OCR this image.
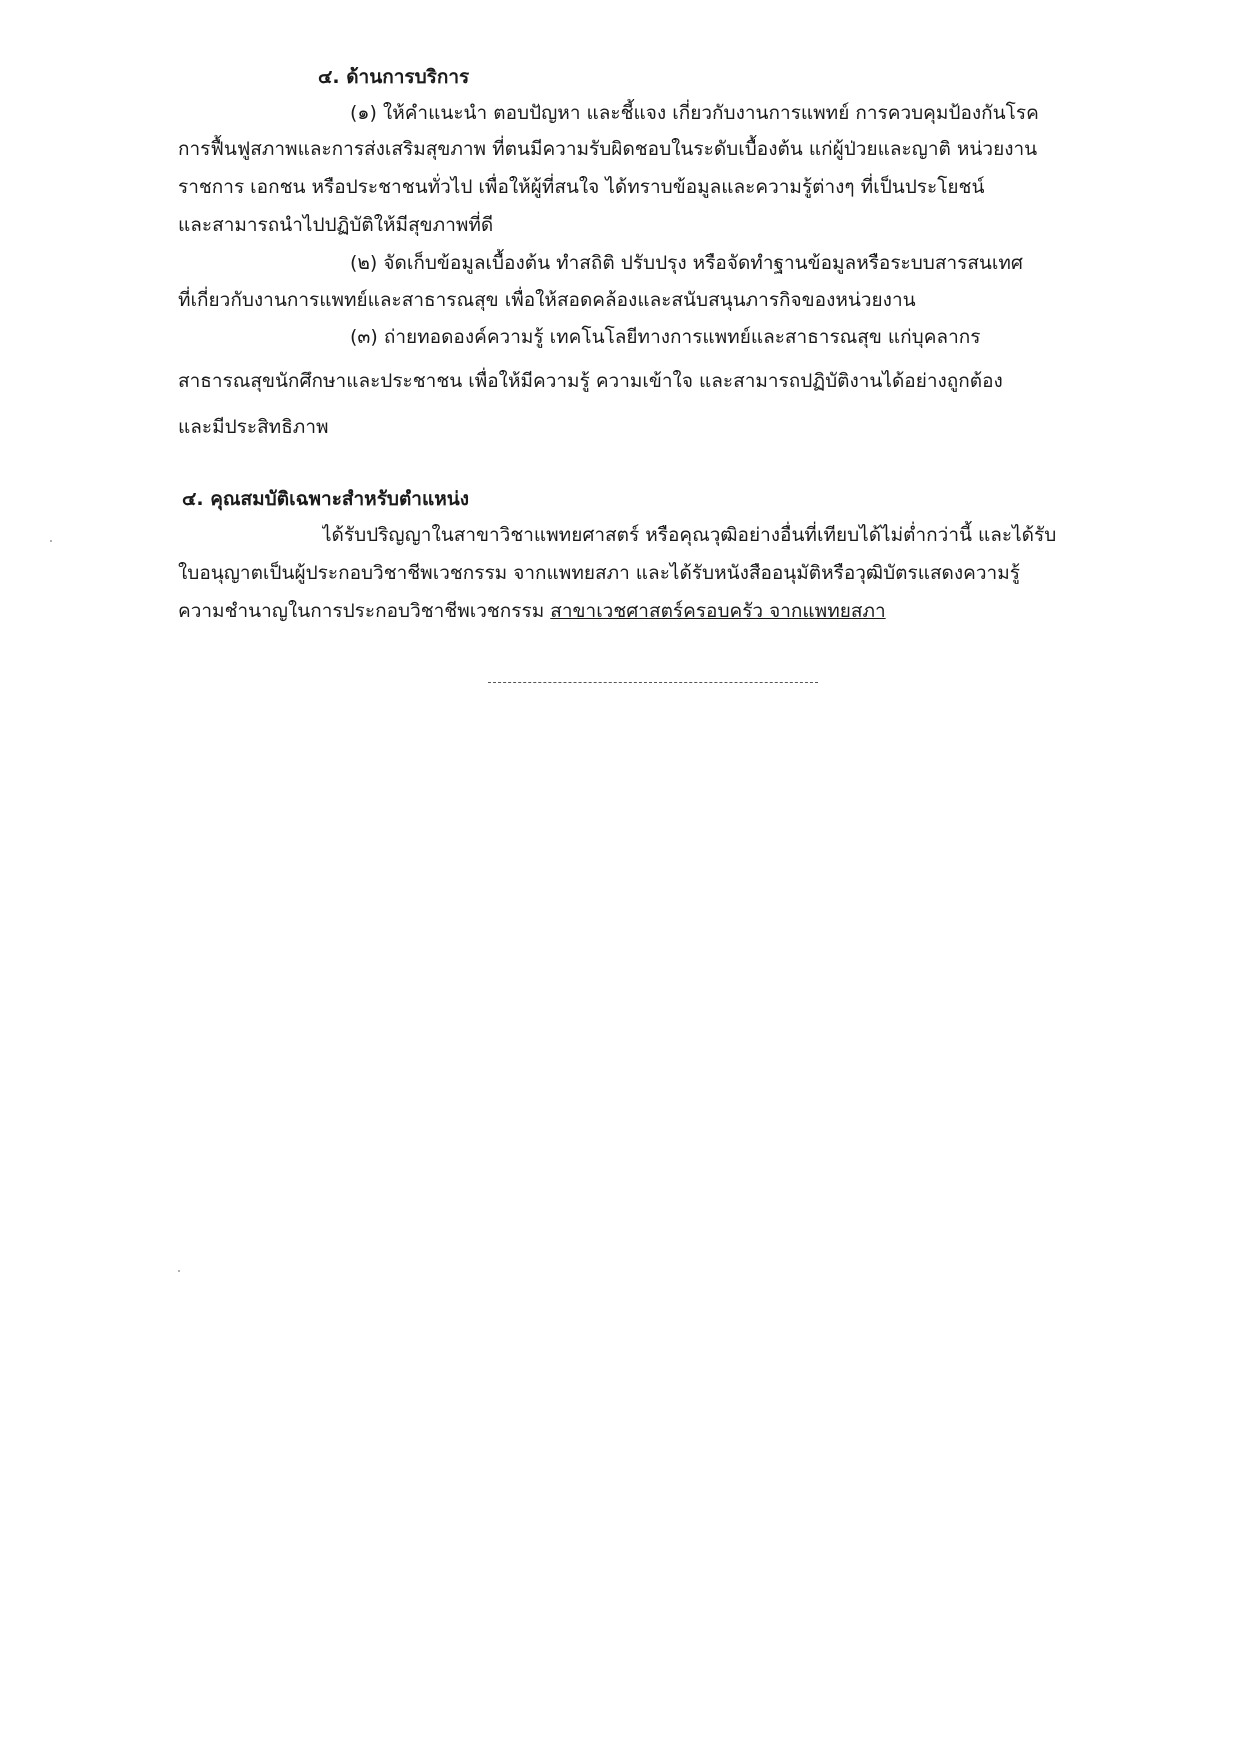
๔. ด้านการบริการ
(๑) ให้คำแนะนำ ตอบปัญหา และชี้แจง เกี่ยวกับงานการแพทย์ การควบคุมป้องกันโรค
การฟื้นฟูสภาพและการส่งเสริมสุขภาพ ที่ตนมีความรับผิดชอบในระดับเบื้องต้น แก่ผู้ป่วยและญาติ หน่วยงาน
ราชการ เอกชน หรือประชาชนทั่วไป เพื่อให้ผู้ที่สนใจ ได้ทราบข้อมูลและความรู้ต่างๆ ที่เป็นประโยชน์
และสามารถนำไปปฏิบัติให้มีสุขภาพที่ดี
(๒) จัดเก็บข้อมูลเบื้องต้น ทำสถิติ ปรับปรุง หรือจัดทำฐานข้อมูลหรือระบบสารสนเทศ
ที่เกี่ยวกับงานการแพทย์และสาธารณสุข เพื่อให้สอดคล้องและสนับสนุนภารกิจของหน่วยงาน
(๓) ถ่ายทอดองค์ความรู้ เทคโนโลยีทางการแพทย์และสาธารณสุข แก่บุคลากร
สาธารณสุขนักศึกษาและประชาชน เพื่อให้มีความรู้ ความเข้าใจ และสามารถปฏิบัติงานได้อย่างถูกต้อง
และมีประสิทธิภาพ
๔. คุณสมบัติเฉพาะสำหรับตำแหน่ง
ได้รับปริญญาในสาขาวิชาแพทยศาสตร์ หรือคุณวุฒิอย่างอื่นที่เทียบได้ไม่ต่ำกว่านี้ และได้รับ
ใบอนุญาตเป็นผู้ประกอบวิชาชีพเวชกรรม จากแพทยสภา และได้รับหนังสืออนุมัติหรือวุฒิบัตรแสดงความรู้
ความชำนาญในการประกอบวิชาชีพเวชกรรม สาขาเวชศาสตร์ครอบครัว จากแพทยสภา
